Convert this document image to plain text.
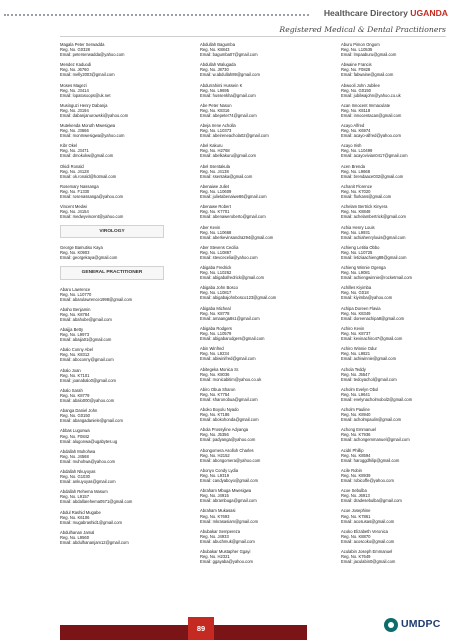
Healthcare Directory UGANDA
Registered Medical & Dental Practitioners
Magala Peter Serwadda
Reg. No. G0328
Email: peterserwadda@yahoo.com
Mendez Kaduodi
Reg. No. J6760
Email: melly2003@gmail.com
Moses Magezi
Reg. No. J3414
Email: lopatosoops@uk.net
Musinguzi Henry Dabanja
Reg. No. J3194
Email: dabanjanurowski@yahoo.com
Mutekenda Moruth Mwesigwa
Reg. No. J3666
Email: monmwesigwa@yahoo.com
Kibr Okel
Reg. No. J3471
Email: dmokokw@gmail.com
Okidi Ronald
Reg. No. J4128
Email: ok.ronald@hotmail.com
Rosemary Nassanga
Reg. No. F1330
Email: rosenassanga@yahoo.com
Vincent Medwi
Reg. No. J4154
Email: medwyvincent@yahoo.com
VIROLOGY
George Bamutiso Kaya
Reg. No. K0903
Email: georgekaya@gmail.com
GENERAL PRACTITIONER
Abaru Lawrence
Reg. No. L10770
Email: abarulawrence1998@gmail.com
Abaho Benjamin
Reg. No. K8784
Email: abahobe@gmail.com
Abaijja Betty
Reg. No. L9973
Email: abaija01@gmail.com
Abalo Conny Abel
Reg. No. K8312
Email: aboconny@gmail.com
Abalo Joan
Reg. No. K7101
Email: joanabalo0@gmail.com
Abalo Sarah
Reg. No. K8779
Email: abalo000@yahoo.com
Abanga Daniel John
Reg. No. G0150
Email: abangadaniele@gmail.com
Abbas Lugonwa
Reg. No. F0842
Email: alugonwa@ugabytes.ug
Abdallah Muhohwa
Reg. No. J4568
Email: muhohwa@yahoo.com
Abdallah Nkuyoyas
Reg. No. G1030
Email: ankuyoyas@gmail.com
Abdallah Rehema Masum
Reg. No. L9157
Email: abdallarehema0571@gmail.com
Abdul Rashid Mugabe
Reg. No. K6106
Email: mugabrashid1@gmail.com
Abdulhanan Jamal
Reg. No. L9560
Email: abdulhananjam12@gmail.com
Abdullah Bagumba
Reg. No. K8843
Email: bagumba07@gmail.com
Abdullah Walugada
Reg. No. J8730
Email: w.abdullah89@gmail.com
Abdurrahimi Hussein K
Reg. No. L9695
Email: hussenkha@gmail.com
Abe Peter Nason
Reg. No. K8316
Email: abepeter74@gmail.com
Abeja Irene Acholla
Reg. No. L10373
Email: abeireneachola02@gmail.com
Abel Kakuru
Reg. No. H2768
Email: abelkakuru@gmail.com
Abel Ssentakula
Reg. No. J4138
Email: ssentaka@gmail.com
Abenaiwe Juliet
Reg. No. L10609
Email: julietabenaiwe86@gmail.com
Abenawe Robert
Reg. No. K7701
Email: abenaweroberto@gmail.com
Aber Kevin
Reg. No. L10668
Email: aberkevinsandra294@gmail.com
Aber Stevens Cecilia
Reg. No. L10867
Email: stevcecelia@yahoo.com
Abigaba Fredrick
Reg. No. L10262
Email: abigabafredrick@gmail.com
Abigaba John Bosco
Reg. No. L10817
Email: abigabajohnbosco123@gmail.com
Abigaba Micheal
Reg. No. K8778
Email: amaanga8s1@gmail.com
Abigaba Rodgers
Reg. No. L10579
Email: abigabarodgers@gmail.com
Abin Winfred
Reg. No. L9234
Email: abiwinifred@gmail.com
Abitegeka Monica Sr.
Reg. No. K8036
Email: monicabitim@yahoo.co.uk
Abiro Obua Sharon
Reg. No. K7754
Email: sharonobua@gmail.com
Aboko Boyolu Nyado
Reg. No. K7186
Email: abokohonda@gmail.com
Abola Prossyline Adyanga
Reg. No. J5356
Email: padyanga@yahoo.com
Abongomera Asolloh Charles
Reg. No. H2152
Email: abongomera@yahoo.com
Abonyo Condy Lydia
Reg. No. L9319
Email: candyaboyo@gmail.com
Abraham Mbuga Mwesigwa
Reg. No. J4915
Email: abrambuga@gmail.com
Abraham Mukasasi
Reg. No. K7693
Email: mkrasasiam@gmail.com
Abubakar Sempereza
Reg. No. J4933
Email: abuchmuk@gmail.com
Abubakar Mustapher Ggayi
Reg. No. H2321
Email: ggayaba@yahoo.com
Aburu Pimon Ongom
Reg. No. L10535
Email: lmpaaburu@gmail.com
Abwaine Francis
Reg. No. F0828
Email: fabwaine@gmail.com
Abwooli John Jubilee
Reg. No. G0150
Email: jubilwajohn@yahoo.co.uk
Acan Innocent Immaculate
Reg. No. K8118
Email: innocentacan@gmail.com
Acayo Alfred
Reg. No. K6974
Email: acayo-alfred@yahoo.com
Acayo Irish
Reg. No. L10499
Email: acayovivian0417@gmail.com
Acen Brenda
Reg. No. L9668
Email: brendaace032@gmail.com
Achanit Florence
Reg. No. K7020
Email: florkans@gmail.com
Achelam Bertrick Kinyera
Reg. No. K8848
Email: achelambertrick@gmail.com
Achia Henry Louis
Reg. No. L9931
Email: achiahenrylouis@gmail.com
Achieng Letitia Obbo
Reg. No. L10725
Email: letiziaachieng88@gmail.com
Achieng Winnie Ogenga
Reg. No. L9081
Email: achiengwinnie@rocketmail.com
Achilles Kiyimba
Reg. No. G018
Email: kiyimba@yahoo.com
Achipa Doreen Flavia
Reg. No. K8349
Email: doreenachipa8@gmail.com
Achiro Kevin
Reg. No. K8737
Email: kevinachiro47@gmail.com
Achiro Winnie Odur
Reg. No. L9821
Email: achiwinnie@gmail.com
Achola Teddy
Reg. No. J5547
Email: tedoyachol@gmail.com
Acholm Evelyn Obol
Reg. No. L9641
Email: evelynacholmobol2@gmail.com
Acholm Pauline
Reg. No. K8940
Email: acholmpaulin@gmail.com
Achong Emmanuel
Reg. No. K7936
Email: achongemmanuel@gmail.com
Acidri Phillip
Reg. No. K8594
Email: haroggdhilip@gmail.com
Acile Robin
Reg. No. K8939
Email: robicoffe@yahoo.com
Acoe Sebulba
Reg. No. J6913
Email: dradesebulba@gmail.com
Acoe Josephine
Reg. No. K7861
Email: acosusas@gmail.com
Acoko Elizabeth Veronica
Reg. No. K8870
Email: acoscoko@gmail.com
Aculabin Joseph Emmanuel
Reg. No. K7649
Email: jaculabin0@gmail.com
89	UMDPC
